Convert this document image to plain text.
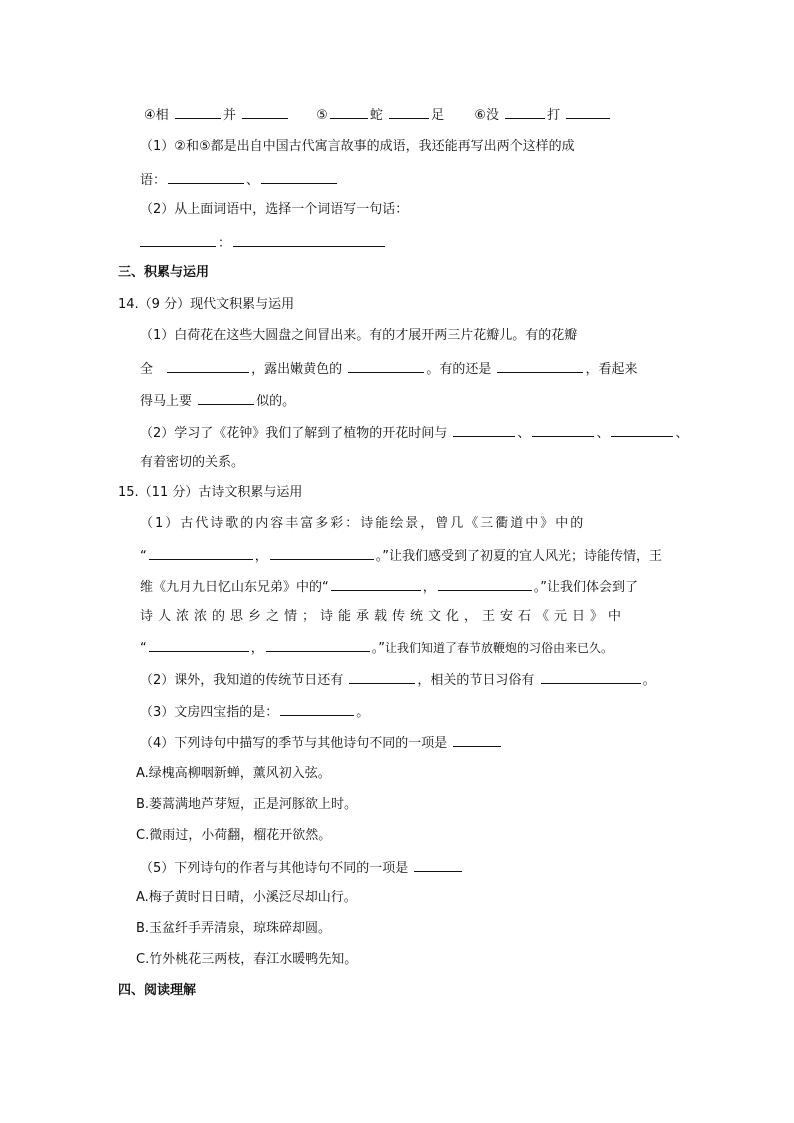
④相	并	⑤	蛇	足 ⑥没	打
（1）②和⑤都是出自中国古代寓言故事的成语，我还能再写出两个这样的成
语：	、
（2）从上面词语中，选择一个词语写一句话：
：
三、积累与运用
14.（9 分）现代文积累与运用
（1）白荷花在这些大圆盘之间冒出来。有的才展开两三片花瓣儿。有的花瓣
全	，露出嫩黄色的	。有的还是	，看起来
得马上要	似的。
（2）学习了《花钟》我们了解到了植物的开花时间与	、	、	、
有着密切的关系。
15.（11 分）古诗文积累与运用
（1）古代诗歌的内容丰富多彩：诗能绘景，曾几《三衢道中》中的
“	，	。”让我们感受到了初夏的宜人风光；诗能传情，王
维《九月九日忆山东兄弟》中的“	，	。”让我们体会到了
诗人浓浓的思乡之情；诗能承载传统文化，王安石《元日》中
“	，	。”让我们知道了春节放鞭炮的习俗由来已久。
（2）课外，我知道的传统节日还有	，相关的节日习俗有	。
（3）文房四宝指的是：	。
（4）下列诗句中描写的季节与其他诗句不同的一项是
A.绿槐高柳咽新蝉，薰风初入弦。
B.蒌蒿满地芦芽短，正是河豚欲上时。
C.微雨过，小荷翻，榴花开欲然。
（5）下列诗句的作者与其他诗句不同的一项是
A.梅子黄时日日晴，小溪泛尽却山行。
B.玉盆纤手弄清泉，琼珠碎却圆。
C.竹外桃花三两枝，春江水暖鸭先知。
四、阅读理解
